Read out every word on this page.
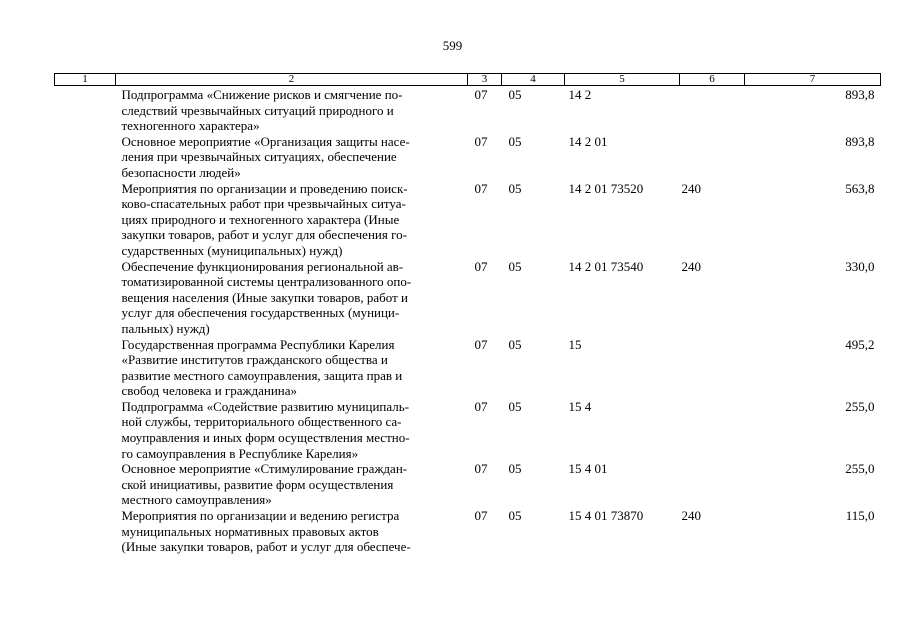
599
1	2	3	4	5	6	7

	Подпрограмма «Снижение рисков и смягчение по-
следствий чрезвычайных ситуаций природного и
техногенного характера»	07	05	14 2		893,8

	Основное мероприятие «Организация защиты насе-
ления при чрезвычайных ситуациях, обеспечение
безопасности людей»	07	05	14 2 01		893,8

	Мероприятия по организации и проведению поиск-
ково-спасательных работ при чрезвычайных ситуа-
циях природного и техногенного характера (Иные
закупки товаров, работ и услуг для обеспечения го-
сударственных (муниципальных) нужд)	07	05	14 2 01 73520	240	563,8

	Обеспечение функционирования региональной ав-
томатизированной системы централизованного опо-
вещения населения (Иные закупки товаров, работ и
услуг для обеспечения государственных (муници-
пальных) нужд)	07	05	14 2 01 73540	240	330,0

	Государственная программа Республики Карелия
«Развитие институтов гражданского общества и
развитие местного самоуправления, защита прав и
свобод человека и гражданина»	07	05	15		495,2

	Подпрограмма «Содействие развитию муниципаль-
ной службы, территориального общественного са-
моуправления и иных форм осуществления местно-
го самоуправления в Республике Карелия»	07	05	15 4		255,0

	Основное мероприятие «Стимулирование граждан-
ской инициативы, развитие форм осуществления
местного самоуправления»	07	05	15 4 01		255,0

	Мероприятия по организации и ведению регистра
муниципальных нормативных правовых актов
(Иные закупки товаров, работ и услуг для обеспече-	07	05	15 4 01 73870	240	115,0
